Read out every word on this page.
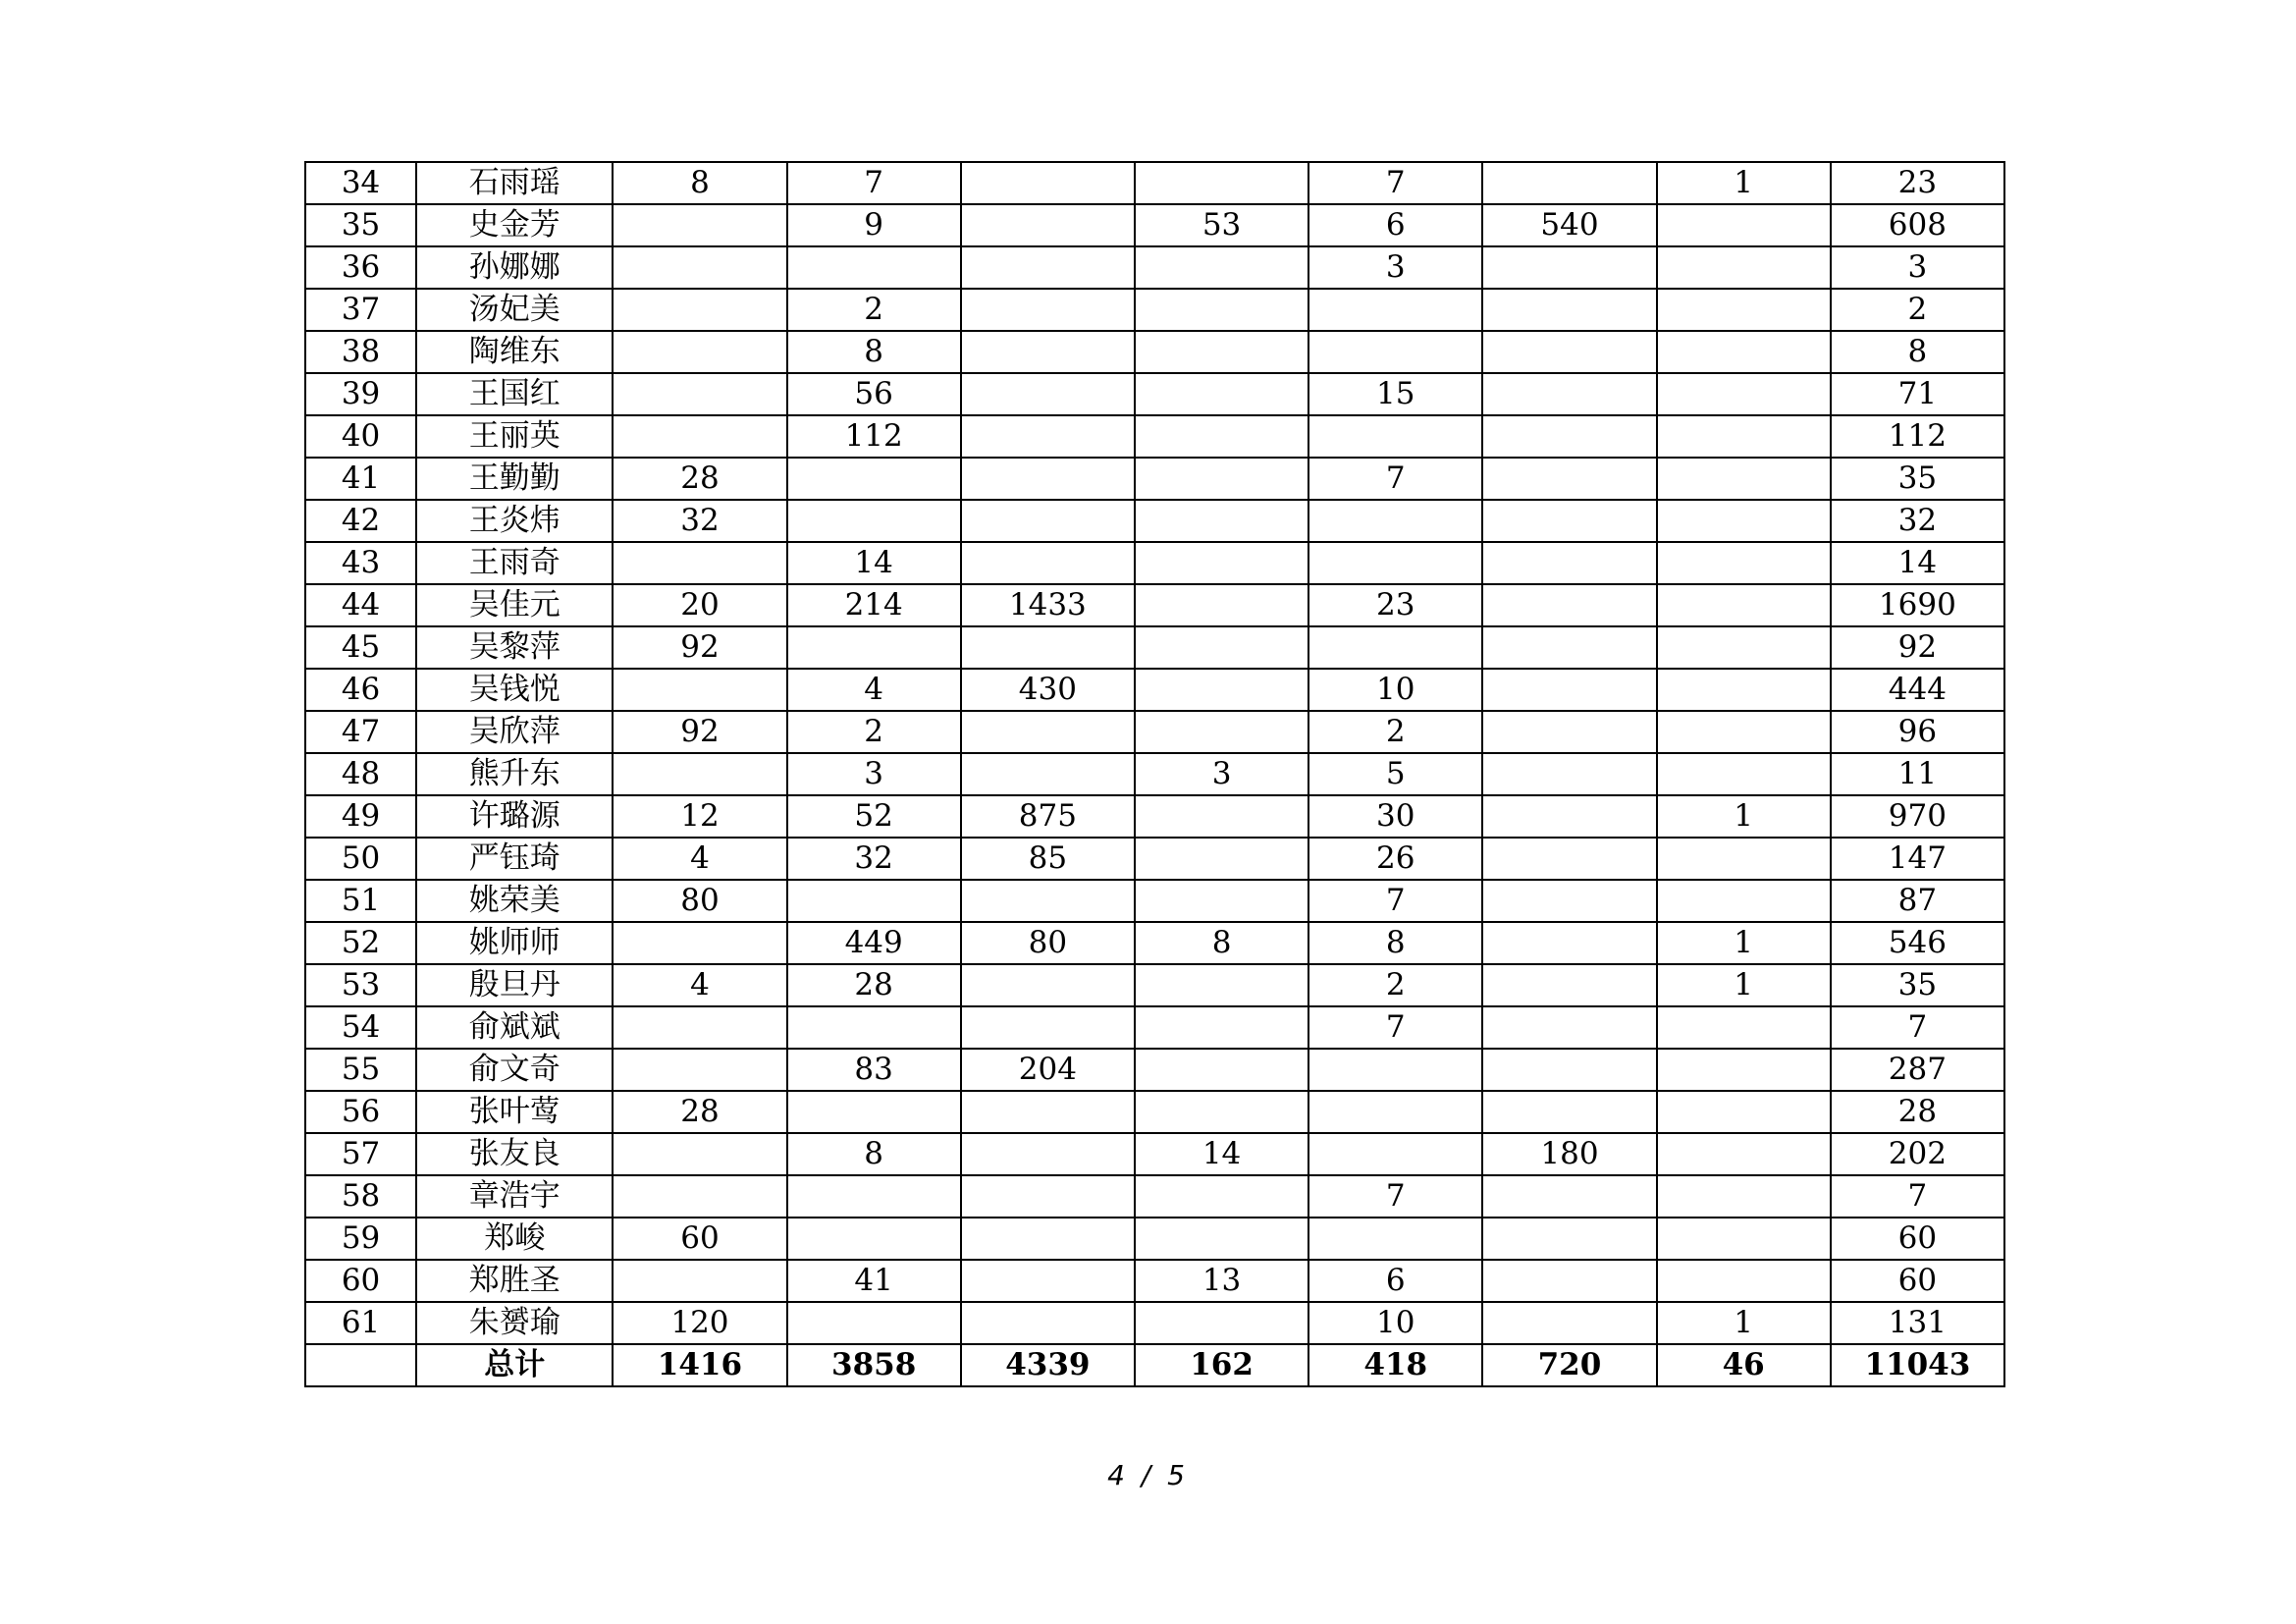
34	石雨瑶	8	7			7		1	23
35	史金芳		9		53	6	540		608
36	孙娜娜					3			3
37	汤妃美		2						2
38	陶维东		8						8
39	王国红		56			15			71
40	王丽英		112						112
41	王勤勤	28				7			35
42	王炎炜	32							32
43	王雨奇		14						14
44	吴佳元	20	214	1433		23			1690
45	吴黎萍	92							92
46	吴钱悦		4	430		10			444
47	吴欣萍	92	2			2			96
48	熊升东		3		3	5			11
49	许璐源	12	52	875		30		1	970
50	严钰琦	4	32	85		26			147
51	姚荣美	80				7			87
52	姚师师		449	80	8	8		1	546
53	殷旦丹	4	28			2		1	35
54	俞斌斌					7			7
55	俞文奇		83	204					287
56	张叶莺	28							28
57	张友良		8		14		180		202
58	章浩宇					7			7
59	郑峻	60							60
60	郑胜圣		41		13	6			60
61	朱赟瑜	120				10		1	131
	总计	1416	3858	4339	162	418	720	46	11043
4 / 5
